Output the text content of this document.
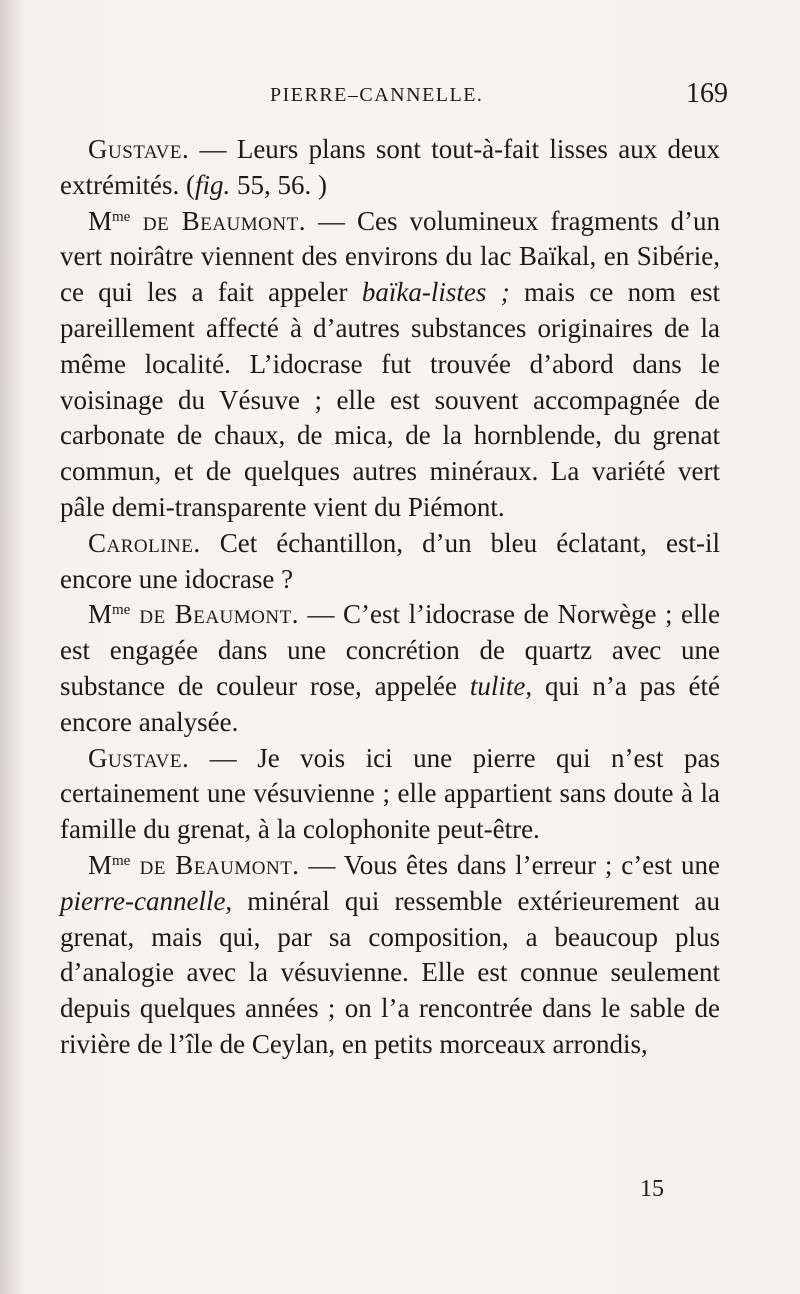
PIERRE–CANNELLE.	169

Gustave. — Leurs plans sont tout-à-fait lisses aux deux extrémités. (fig. 55, 56. )

$M^{me}$ de Beaumont. — Ces volumineux fragments d’un vert noirâtre viennent des environs du lac Baïkal, en Sibérie, ce qui les a fait appeler baïka-listes ; mais ce nom est pareillement affecté à d’autres substances originaires de la même localité. L’idocrase fut trouvée d’abord dans le voisinage du Vésuve ; elle est souvent accompagnée de carbonate de chaux, de mica, de la hornblende, du grenat commun, et de quelques autres minéraux. La variété vert pâle demi-transparente vient du Piémont.

Caroline. Cet échantillon, d’un bleu éclatant, est-il encore une idocrase ?

$M^{me}$ de Beaumont. — C’est l’idocrase de Norwège ; elle est engagée dans une concrétion de quartz avec une substance de couleur rose, appelée tulite, qui n’a pas été encore analysée.

Gustave. — Je vois ici une pierre qui n’est pas certainement une vésuvienne ; elle appartient sans doute à la famille du grenat, à la colophonite peut-être.

$M^{me}$ de Beaumont. — Vous êtes dans l’erreur ; c’est une pierre-cannelle, minéral qui ressemble extérieurement au grenat, mais qui, par sa composition, a beaucoup plus d’analogie avec la vésuvienne. Elle est connue seulement depuis quelques années ; on l’a rencontrée dans le sable de rivière de l’île de Ceylan, en petits morceaux arrondis,

15
